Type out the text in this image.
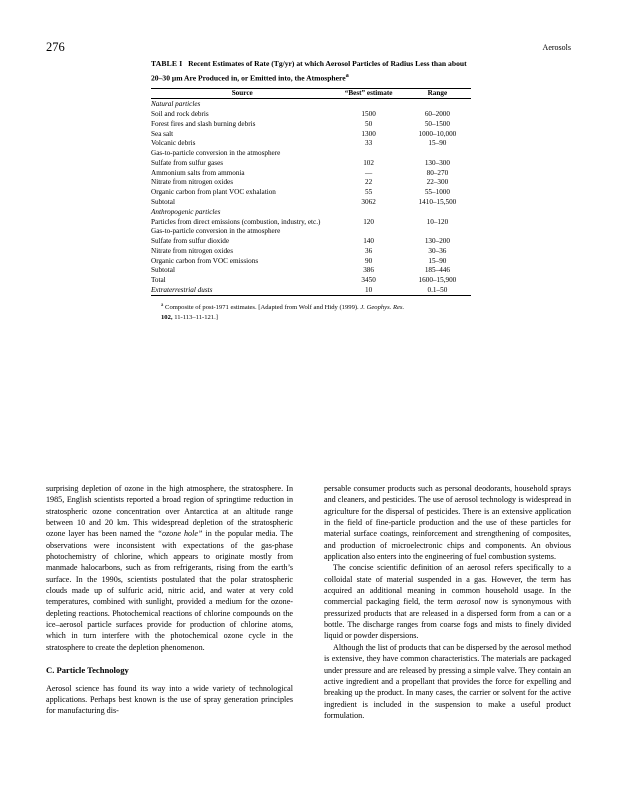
276	Aerosols
TABLE I Recent Estimates of Rate (Tg/yr) at which Aerosol Particles of Radius Less than about 20–30 μm Are Produced in, or Emitted into, the Atmosphere$^a$
Source	“Best” estimate	Range
Natural particles		
Soil and rock debris	1500	60–2000
Forest fires and slash burning debris	50	50–1500
Sea salt	1300	1000–10,000
Volcanic debris	33	15–90
Gas-to-particle conversion in the atmosphere		
Sulfate from sulfur gases	102	130–300
Ammonium salts from ammonia	—	80–270
Nitrate from nitrogen oxides	22	22–300
Organic carbon from plant VOC exhalation	55	55–1000
Subtotal	3062	1410–15,500
Anthropogenic particles		
Particles from direct emissions (combustion, industry, etc.)	120	10–120
Gas-to-particle conversion in the atmosphere		
Sulfate from sulfur dioxide	140	130–200
Nitrate from nitrogen oxides	36	30–36
Organic carbon from VOC emissions	90	15–90
Subtotal	386	185–446
Total	3450	1600–15,900
Extraterrestrial dusts	10	0.1–50
$^a$ Composite of post-1971 estimates. [Adapted from Wolf and Hidy (1999). J. Geophys. Res.
102, 11-113–11-121.]

surprising depletion of ozone in the high atmosphere, the stratosphere. In 1985, English scientists reported a broad region of springtime reduction in stratospheric ozone concentration over Antarctica at an altitude range between 10 and 20 km. This widespread depletion of the stratospheric ozone layer has been named the “ozone hole” in the popular media. The observations were inconsistent with expectations of the gas-phase photochemistry of chlorine, which appears to originate mostly from manmade halocarbons, such as from refrigerants, rising from the earth’s surface. In the 1990s, scientists postulated that the polar stratospheric clouds made up of sulfuric acid, nitric acid, and water at very cold temperatures, combined with sunlight, provided a medium for the ozone-depleting reactions. Photochemical reactions of chlorine compounds on the ice–aerosol particle surfaces provide for production of chlorine atoms, which in turn interfere with the photochemical ozone cycle in the stratosphere to create the depletion phenomenon.

C. Particle Technology

Aerosol science has found its way into a wide variety of technological applications. Perhaps best known is the use of spray generation principles for manufacturing dis-

persable consumer products such as personal deodorants, household sprays and cleaners, and pesticides. The use of aerosol technology is widespread in agriculture for the dispersal of pesticides. There is an extensive application in the field of fine-particle production and the use of these particles for material surface coatings, reinforcement and strengthening of composites, and production of microelectronic chips and components. An obvious application also enters into the engineering of fuel combustion systems.

The concise scientific definition of an aerosol refers specifically to a colloidal state of material suspended in a gas. However, the term has acquired an additional meaning in common household usage. In the commercial packaging field, the term aerosol now is synonymous with pressurized products that are released in a dispersed form from a can or a bottle. The discharge ranges from coarse fogs and mists to finely divided liquid or powder dispersions.

Although the list of products that can be dispersed by the aerosol method is extensive, they have common characteristics. The materials are packaged under pressure and are released by pressing a simple valve. They contain an active ingredient and a propellant that provides the force for expelling and breaking up the product. In many cases, the carrier or solvent for the active ingredient is included in the suspension to make a useful product formulation.
